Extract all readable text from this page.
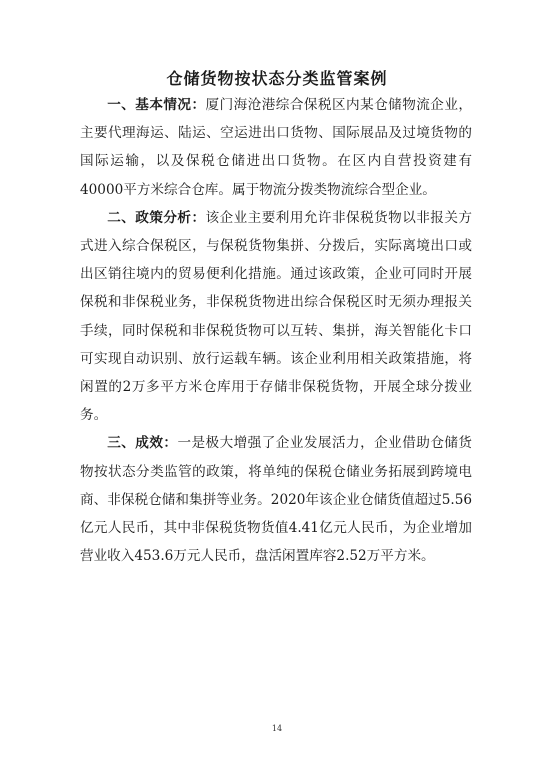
仓储货物按状态分类监管案例

一、基本情况：厦门海沧港综合保税区内某仓储物流企业，主要代理海运、陆运、空运进出口货物、国际展品及过境货物的国际运输，以及保税仓储进出口货物。在区内自营投资建有40000平方米综合仓库。属于物流分拨类物流综合型企业。

二、政策分析：该企业主要利用允许非保税货物以非报关方式进入综合保税区，与保税货物集拼、分拨后，实际离境出口或出区销往境内的贸易便利化措施。通过该政策，企业可同时开展保税和非保税业务，非保税货物进出综合保税区时无须办理报关手续，同时保税和非保税货物可以互转、集拼，海关智能化卡口可实现自动识别、放行运载车辆。该企业利用相关政策措施，将闲置的2万多平方米仓库用于存储非保税货物，开展全球分拨业务。

三、成效：一是极大增强了企业发展活力，企业借助仓储货物按状态分类监管的政策，将单纯的保税仓储业务拓展到跨境电商、非保税仓储和集拼等业务。2020年该企业仓储货值超过5.56亿元人民币，其中非保税货物货值4.41亿元人民币，为企业增加营业收入453.6万元人民币，盘活闲置库容2.52万平方米。

14
